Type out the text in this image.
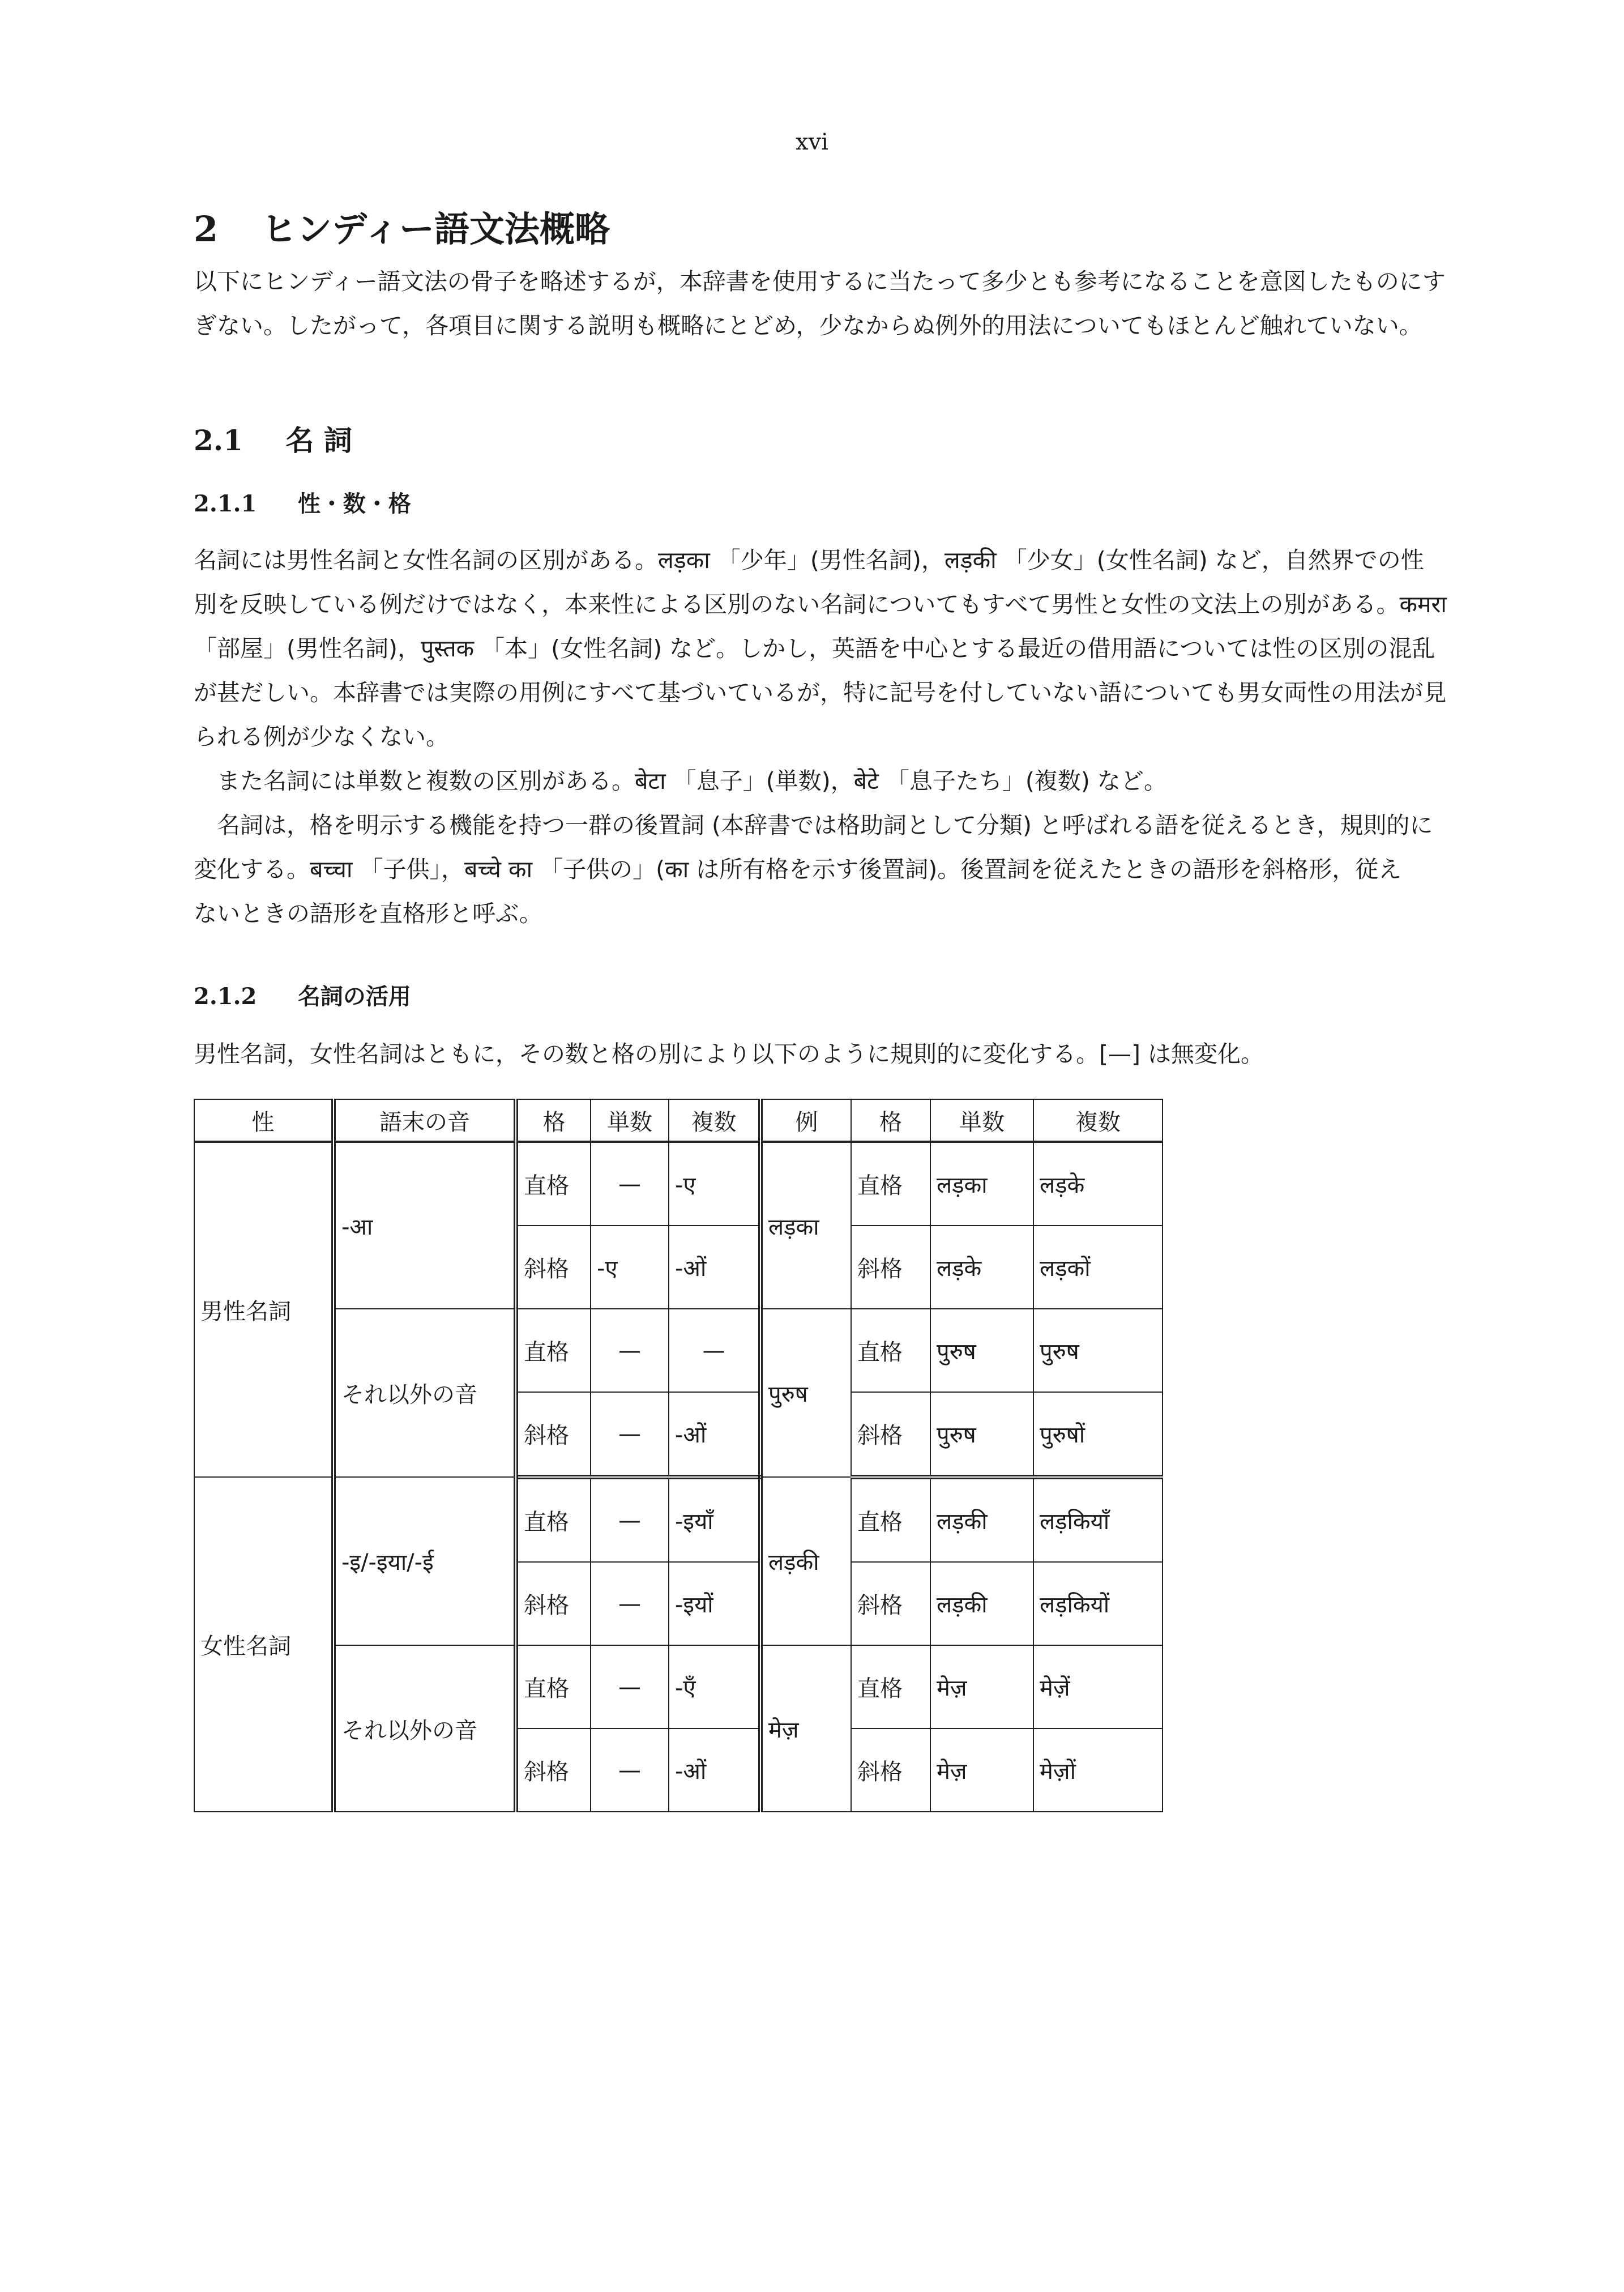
xvi
2	ヒンディー語文法概略
以下にヒンディー語文法の骨子を略述するが，本辞書を使用するに当たって多少とも参考になることを意図したものにす
ぎない。したがって，各項目に関する説明も概略にとどめ，少なからぬ例外的用法についてもほとんど触れていない。
2.1 名 詞
2.1.1 性・数・格
名詞には男性名詞と女性名詞の区別がある。लड़का 「少年」(男性名詞)，लड़की 「少女」(女性名詞) など，自然界での性
別を反映している例だけではなく，本来性による区別のない名詞についてもすべて男性と女性の文法上の別がある。कमरा
「部屋」(男性名詞)，पुस्तक 「本」(女性名詞) など。しかし，英語を中心とする最近の借用語については性の区別の混乱
が甚だしい。本辞書では実際の用例にすべて基づいているが，特に記号を付していない語についても男女両性の用法が見
られる例が少なくない。
また名詞には単数と複数の区別がある。बेटा 「息子」(単数)，बेटे 「息子たち」(複数) など。
名詞は，格を明示する機能を持つ一群の後置詞 (本辞書では格助詞として分類) と呼ばれる語を従えるとき，規則的に
変化する。बच्चा 「子供」，बच्चे का 「子供の」(का は所有格を示す後置詞)。後置詞を従えたときの語形を斜格形，従え
ないときの語形を直格形と呼ぶ。
2.1.2 名詞の活用
男性名詞，女性名詞はともに，その数と格の別により以下のように規則的に変化する。[—] は無変化。
性	語末の音	格	単数	複数	例	格	単数	複数
男性名詞	-आ	直格	—	-ए	लड़का	直格	लड़का	लड़के
		斜格	-ए	-ओं		斜格	लड़के	लड़कों
	それ以外の音	直格	—	—	पुरुष	直格	पुरुष	पुरुष
		斜格	—	-ओं		斜格	पुरुष	पुरुषों
女性名詞	-इ/-इया/-ई	直格	—	-इयाँ	लड़की	直格	लड़की	लड़कियाँ
		斜格	—	-इयों		斜格	लड़की	लड़कियों
	それ以外の音	直格	—	-एँ	मेज़	直格	मेज़	मेज़ें
		斜格	—	-ओं		斜格	मेज़	मेज़ों
